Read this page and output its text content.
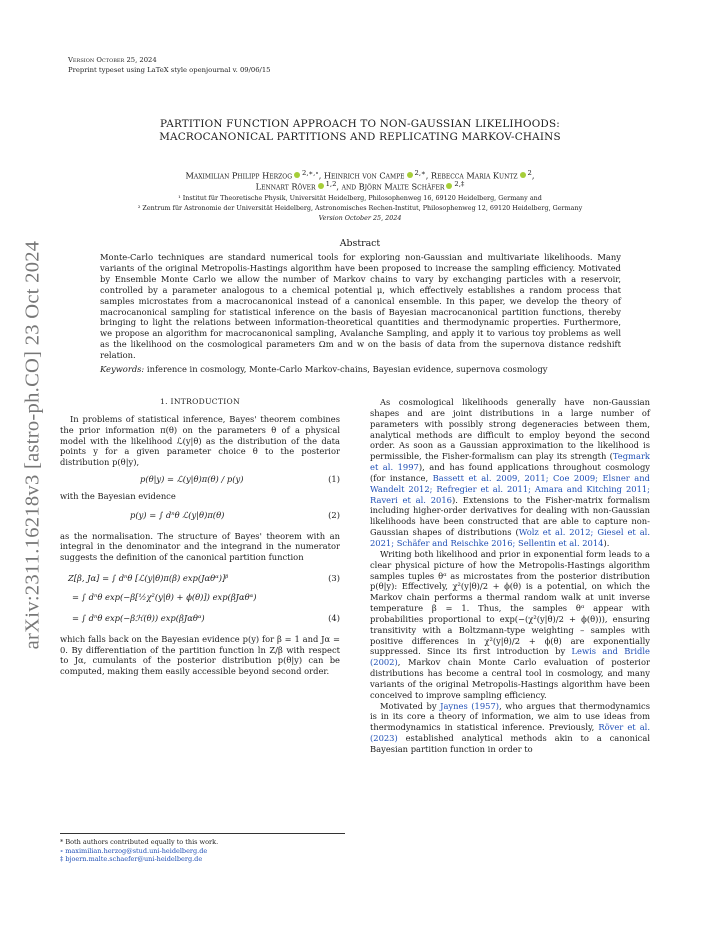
arXiv:2311.16218v3 [astro-ph.CO] 23 Oct 2024
Version October 25, 2024
Preprint typeset using LaTeX style openjournal v. 09/06/15
PARTITION FUNCTION APPROACH TO NON-GAUSSIAN LIKELIHOODS:
MACROCANONICAL PARTITIONS AND REPLICATING MARKOV-CHAINS
Maximilian Philipp Herzog $^{2,∗,\circ}$, Heinrich von Campe $^{2,∗}$, Rebecca Maria Kuntz $^2$,
Lennart Röver $^{1,2}$, and Björn Malte Schäfer $^{2,\ddagger}$
¹ Institut für Theoretische Physik, Universität Heidelberg, Philosophenweg 16, 69120 Heidelberg, Germany and
² Zentrum für Astronomie der Universität Heidelberg, Astronomisches Rechen-Institut, Philosophenweg 12, 69120 Heidelberg, Germany
Version October 25, 2024
Abstract
Monte-Carlo techniques are standard numerical tools for exploring non-Gaussian and multivariate likelihoods. Many variants of the original Metropolis-Hastings algorithm have been proposed to increase the sampling efficiency. Motivated by Ensemble Monte Carlo we allow the number of Markov chains to vary by exchanging particles with a reservoir, controlled by a parameter analogous to a chemical potential μ, which effectively establishes a random process that samples microstates from a macrocanonical instead of a canonical ensemble. In this paper, we develop the theory of macrocanonical sampling for statistical inference on the basis of Bayesian macrocanonical partition functions, thereby bringing to light the relations between information-theoretical quantities and thermodynamic properties. Furthermore, we propose an algorithm for macrocanonical sampling, Avalanche Sampling, and apply it to various toy problems as well as the likelihood on the cosmological parameters Ωm and w on the basis of data from the supernova distance redshift relation.
Keywords: inference in cosmology, Monte-Carlo Markov-chains, Bayesian evidence, supernova cosmology
1. INTRODUCTION

In problems of statistical inference, Bayes' theorem combines the prior information π(θ) on the parameters θ of a physical model with the likelihood ℒ(y|θ) as the distribution of the data points y for a given parameter choice θ to the posterior distribution p(θ|y),

p(θ|y) = ℒ(y|θ)π(θ) / p(y)	(1)

with the Bayesian evidence

p(y) = ∫ dⁿθ ℒ(y|θ)π(θ)	(2)

as the normalisation. The structure of Bayes' theorem with an integral in the denominator and the integrand in the numerator suggests the definition of the canonical partition function

Z[β, Jα] = ∫ dⁿθ [ℒ(y|θ)π(β) exp(Jαθᵅ)]ᵝ	(3)
= ∫ dⁿθ exp(−β[½χ²(y|θ) + ϕ(θ)]) exp(βJαθᵅ)
= ∫ dⁿθ exp(−βℋ(θ)) exp(βJαθᵅ)	(4)

which falls back on the Bayesian evidence p(y) for β = 1 and Jα = 0. By differentiation of the partition function ln Z/β with respect to Jα, cumulants of the posterior distribution p(θ|y) can be computed, making them easily accessible beyond second order.

* Both authors contributed equally to this work.
∘ maximilian.herzog@stud.uni-heidelberg.de
‡ bjoern.malte.schaefer@uni-heidelberg.de

As cosmological likelihoods generally have non-Gaussian shapes and are joint distributions in a large number of parameters with possibly strong degeneracies between them, analytical methods are difficult to employ beyond the second order. As soon as a Gaussian approximation to the likelihood is permissible, the Fisher-formalism can play its strength (Tegmark et al. 1997), and has found applications throughout cosmology (for instance, Bassett et al. 2009, 2011; Coe 2009; Elsner and Wandelt 2012; Refregier et al. 2011; Amara and Kitching 2011; Raveri et al. 2016). Extensions to the Fisher-matrix formalism including higher-order derivatives for dealing with non-Gaussian likelihoods have been constructed that are able to capture non-Gaussian shapes of distributions (Wolz et al. 2012; Giesel et al. 2021; Schäfer and Reischke 2016; Sellentin et al. 2014).

Writing both likelihood and prior in exponential form leads to a clear physical picture of how the Metropolis-Hastings algorithm samples tuples θᵅ as microstates from the posterior distribution p(θ|y): Effectively, χ²(y|θ)/2 + ϕ(θ) is a potential, on which the Markov chain performs a thermal random walk at unit inverse temperature β = 1. Thus, the samples θᵅ appear with probabilities proportional to exp(−(χ²(y|θ)/2 + ϕ(θ))), ensuring transitivity with a Boltzmann-type weighting – samples with positive differences in χ²(y|θ)/2 + ϕ(θ) are exponentially suppressed. Since its first introduction by Lewis and Bridle (2002), Markov chain Monte Carlo evaluation of posterior distributions has become a central tool in cosmology, and many variants of the original Metropolis-Hastings algorithm have been conceived to improve sampling efficiency.

Motivated by Jaynes (1957), who argues that thermodynamics is in its core a theory of information, we aim to use ideas from thermodynamics in statistical inference. Previously, Röver et al. (2023) established analytical methods akin to a canonical Bayesian partition function in order to
